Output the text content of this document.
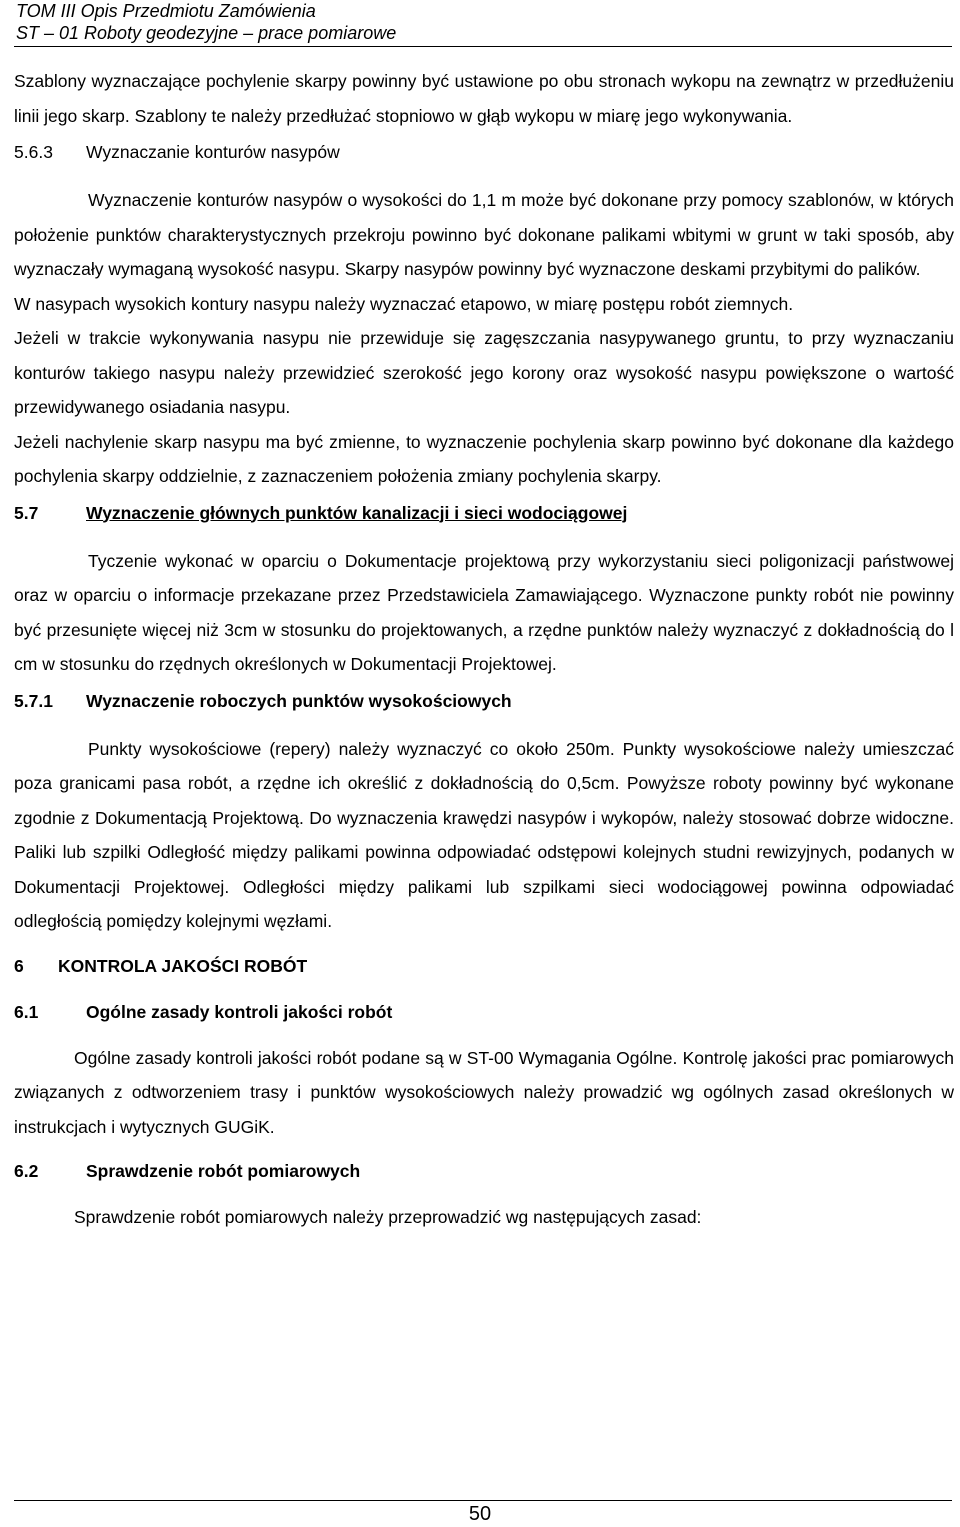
TOM III Opis Przedmiotu Zamówienia
ST – 01 Roboty geodezyjne – prace pomiarowe

Szablony wyznaczające pochylenie skarpy powinny być ustawione po obu stronach wykopu na zewnątrz w przedłużeniu linii jego skarp. Szablony te należy przedłużać stopniowo w głąb wykopu w miarę jego wykonywania.

5.6.3	Wyznaczanie konturów nasypów

Wyznaczenie konturów nasypów o wysokości do 1,1 m może być dokonane przy pomocy szablonów, w których położenie punktów charakterystycznych przekroju powinno być dokonane palikami wbitymi w grunt w taki sposób, aby wyznaczały wymaganą wysokość nasypu. Skarpy nasypów powinny być wyznaczone deskami przybitymi do palików.

W nasypach wysokich kontury nasypu należy wyznaczać etapowo, w miarę postępu robót ziemnych.

Jeżeli w trakcie wykonywania nasypu nie przewiduje się zagęszczania nasypywanego gruntu, to przy wyznaczaniu konturów takiego nasypu należy przewidzieć szerokość jego korony oraz wysokość nasypu powiększone o wartość przewidywanego osiadania nasypu.

Jeżeli nachylenie skarp nasypu ma być zmienne, to wyznaczenie pochylenia skarp powinno być dokonane dla każdego pochylenia skarpy oddzielnie, z zaznaczeniem położenia zmiany pochylenia skarpy.

5.7	Wyznaczenie głównych punktów kanalizacji i sieci wodociągowej

Tyczenie wykonać w oparciu o Dokumentacje projektową przy wykorzystaniu sieci poligonizacji państwowej oraz w oparciu o informacje przekazane przez Przedstawiciela Zamawiającego. Wyznaczone punkty robót nie powinny być przesunięte więcej niż 3cm w stosunku do projektowanych, a rzędne punktów należy wyznaczyć z dokładnością do l cm w stosunku do rzędnych określonych w Dokumentacji Projektowej.

5.7.1	Wyznaczenie roboczych punktów wysokościowych

Punkty wysokościowe (repery) należy wyznaczyć co około 250m. Punkty wysokościowe należy umieszczać poza granicami pasa robót, a rzędne ich określić z dokładnością do 0,5cm. Powyższe roboty powinny być wykonane zgodnie z Dokumentacją Projektową. Do wyznaczenia krawędzi nasypów i wykopów, należy stosować dobrze widoczne. Paliki lub szpilki Odległość między palikami powinna odpowiadać odstępowi kolejnych studni rewizyjnych, podanych w Dokumentacji Projektowej. Odległości między palikami lub szpilkami sieci wodociągowej powinna odpowiadać odległością pomiędzy kolejnymi węzłami.

6	KONTROLA JAKOŚCI ROBÓT
6.1	Ogólne zasady kontroli jakości robót

Ogólne zasady kontroli jakości robót podane są w ST-00 Wymagania Ogólne. Kontrolę jakości prac pomiarowych związanych z odtworzeniem trasy i punktów wysokościowych należy prowadzić wg ogólnych zasad określonych w instrukcjach i wytycznych GUGiK.

6.2	Sprawdzenie robót pomiarowych

Sprawdzenie robót pomiarowych należy przeprowadzić wg następujących zasad:

50
